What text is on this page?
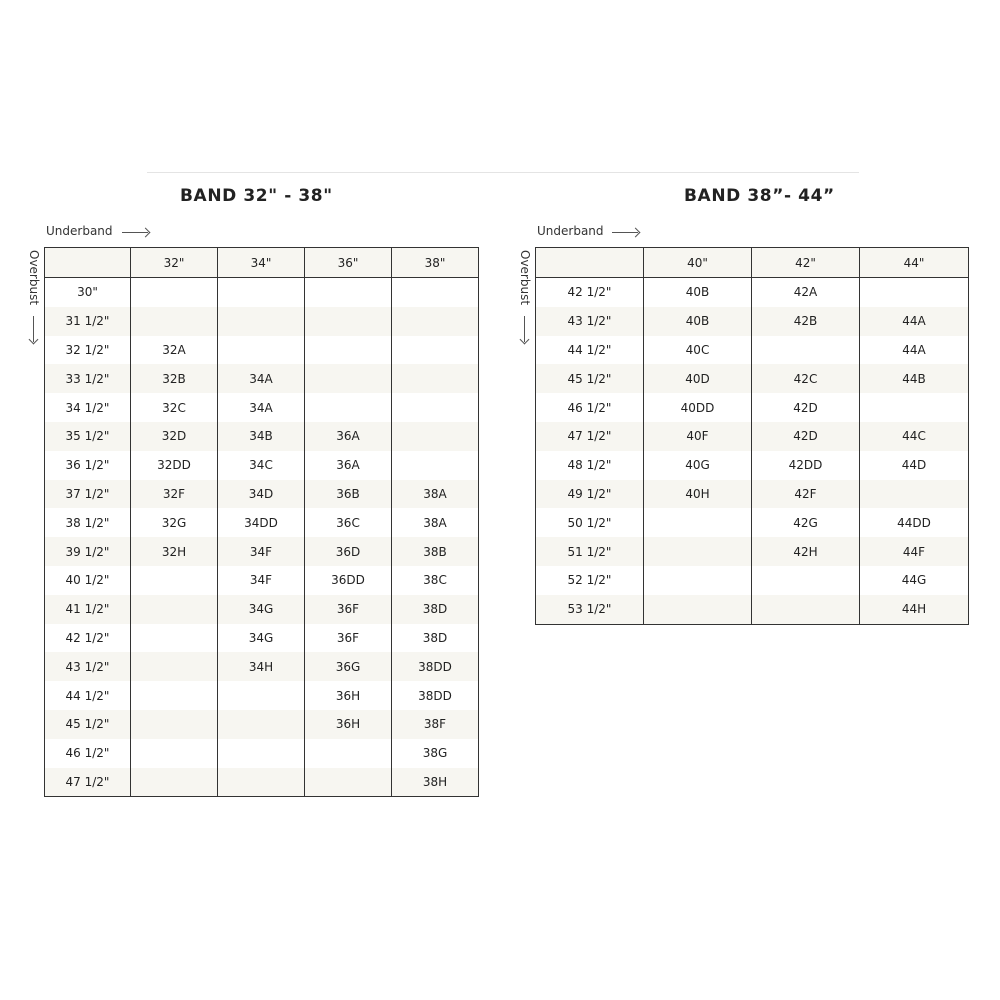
BAND 32" - 38"
Underband
Overbust
		32"	34"	36"	38"
30"				
31 1/2"				
32 1/2"	32A			
33 1/2"	32B	34A		
34 1/2"	32C	34A		
35 1/2"	32D	34B	36A	
36 1/2"	32DD	34C	36A	
37 1/2"	32F	34D	36B	38A
38 1/2"	32G	34DD	36C	38A
39 1/2"	32H	34F	36D	38B
40 1/2"		34F	36DD	38C
41 1/2"		34G	36F	38D
42 1/2"		34G	36F	38D
43 1/2"		34H	36G	38DD
44 1/2"			36H	38DD
45 1/2"			36H	38F
46 1/2"				38G
47 1/2"				38H
BAND 38”- 44”
Underband
Overbust
		40"	42"	44"
42 1/2"	40B	42A	
43 1/2"	40B	42B	44A
44 1/2"	40C		44A
45 1/2"	40D	42C	44B
46 1/2"	40DD	42D	
47 1/2"	40F	42D	44C
48 1/2"	40G	42DD	44D
49 1/2"	40H	42F	
50 1/2"		42G	44DD
51 1/2"		42H	44F
52 1/2"			44G
53 1/2"			44H
